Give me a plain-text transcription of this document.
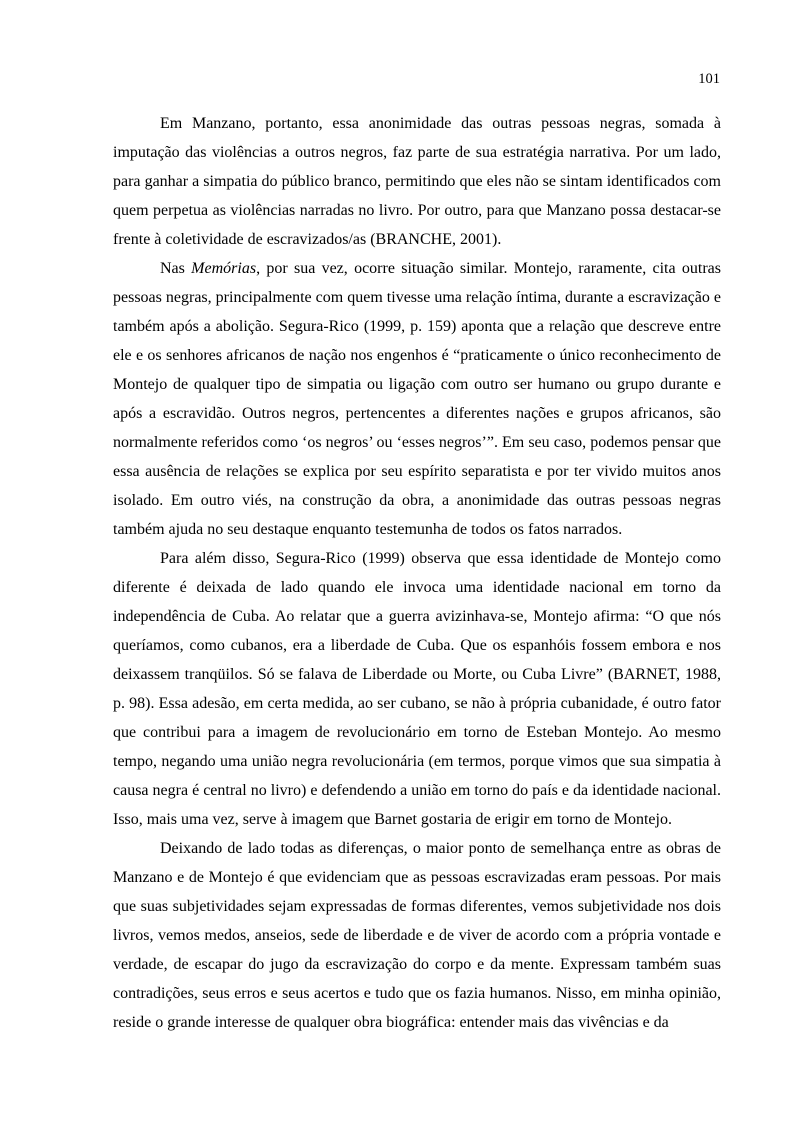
101

Em Manzano, portanto, essa anonimidade das outras pessoas negras, somada à imputação das violências a outros negros, faz parte de sua estratégia narrativa. Por um lado, para ganhar a simpatia do público branco, permitindo que eles não se sintam identificados com quem perpetua as violências narradas no livro. Por outro, para que Manzano possa destacar-se frente à coletividade de escravizados/as (BRANCHE, 2001).

Nas Memórias, por sua vez, ocorre situação similar. Montejo, raramente, cita outras pessoas negras, principalmente com quem tivesse uma relação íntima, durante a escravização e também após a abolição. Segura-Rico (1999, p. 159) aponta que a relação que descreve entre ele e os senhores africanos de nação nos engenhos é “praticamente o único reconhecimento de Montejo de qualquer tipo de simpatia ou ligação com outro ser humano ou grupo durante e após a escravidão. Outros negros, pertencentes a diferentes nações e grupos africanos, são normalmente referidos como ‘os negros’ ou ‘esses negros’”. Em seu caso, podemos pensar que essa ausência de relações se explica por seu espírito separatista e por ter vivido muitos anos isolado. Em outro viés, na construção da obra, a anonimidade das outras pessoas negras também ajuda no seu destaque enquanto testemunha de todos os fatos narrados.

Para além disso, Segura-Rico (1999) observa que essa identidade de Montejo como diferente é deixada de lado quando ele invoca uma identidade nacional em torno da independência de Cuba. Ao relatar que a guerra avizinhava-se, Montejo afirma: “O que nós queríamos, como cubanos, era a liberdade de Cuba. Que os espanhóis fossem embora e nos deixassem tranqüilos. Só se falava de Liberdade ou Morte, ou Cuba Livre” (BARNET, 1988, p. 98). Essa adesão, em certa medida, ao ser cubano, se não à própria cubanidade, é outro fator que contribui para a imagem de revolucionário em torno de Esteban Montejo. Ao mesmo tempo, negando uma união negra revolucionária (em termos, porque vimos que sua simpatia à causa negra é central no livro) e defendendo a união em torno do país e da identidade nacional. Isso, mais uma vez, serve à imagem que Barnet gostaria de erigir em torno de Montejo.

Deixando de lado todas as diferenças, o maior ponto de semelhança entre as obras de Manzano e de Montejo é que evidenciam que as pessoas escravizadas eram pessoas. Por mais que suas subjetividades sejam expressadas de formas diferentes, vemos subjetividade nos dois livros, vemos medos, anseios, sede de liberdade e de viver de acordo com a própria vontade e verdade, de escapar do jugo da escravização do corpo e da mente. Expressam também suas contradições, seus erros e seus acertos e tudo que os fazia humanos. Nisso, em minha opinião, reside o grande interesse de qualquer obra biográfica: entender mais das vivências e da
